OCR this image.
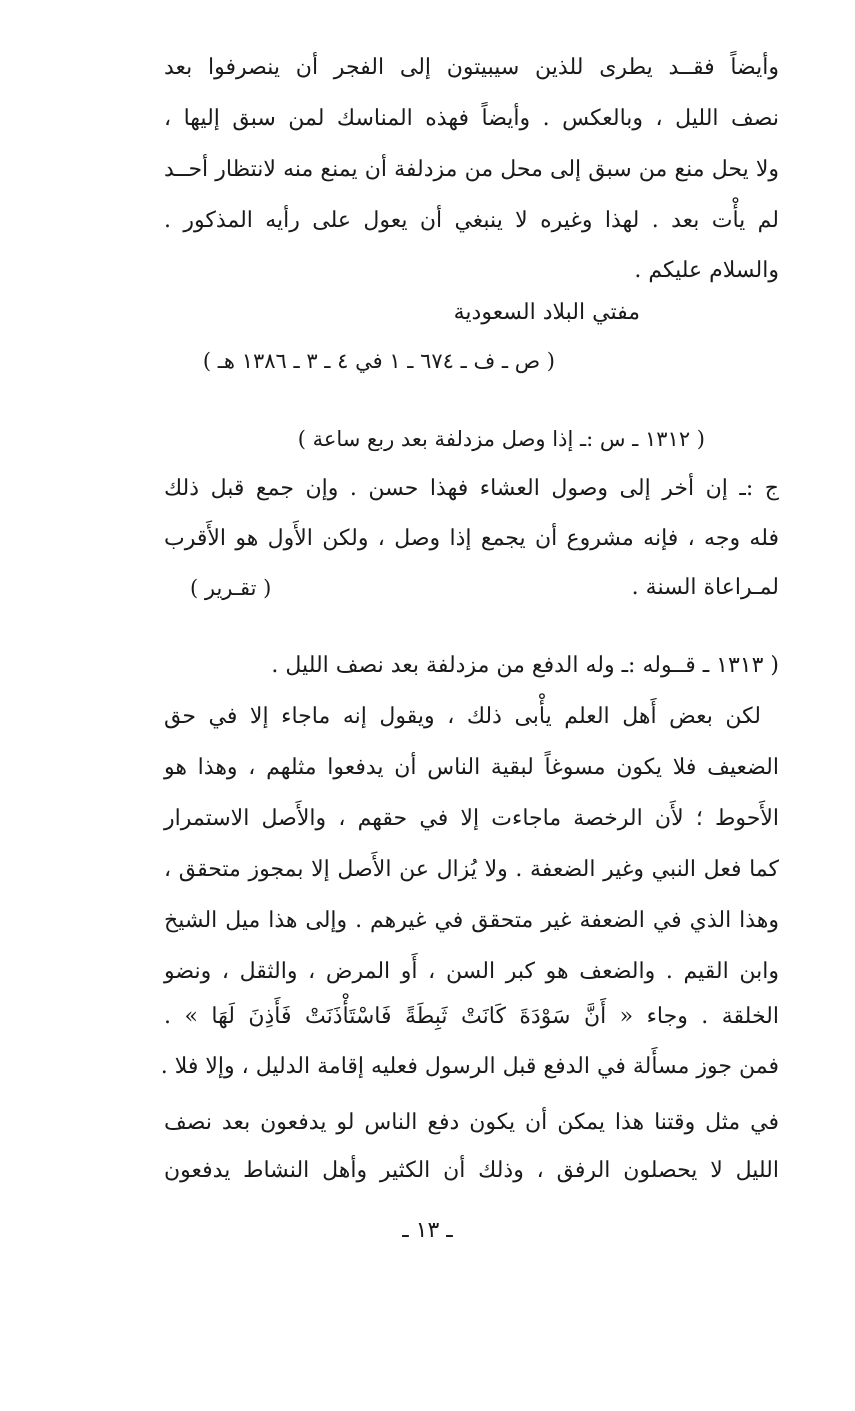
وأيضاً فقــد يطرى للذين سيبيتون إلى الفجر أن ينصرفوا بعد
نصف الليل ، وبالعكس . وأيضاً فهذه المناسك لمن سبق إليها ،
ولا يحل منع من سبق إلى محل من مزدلفة أن يمنع منه لانتظار أحــد
لم يأْت بعد . لهذا وغيره لا ينبغي أن يعول على رأيه المذكور .
والسلام عليكم .
مفتي البلاد السعودية
( ص ـ ف ـ ٦٧٤ ـ ١ في ٤ ـ ٣ ـ ١٣٨٦ هـ )
( ١٣١٢ ـ س :ـ إذا وصل مزدلفة بعد ربع ساعة )
ج :ـ إن أخر إلى وصول العشاء فهذا حسن . وإن جمع قبل ذلك
فله وجه ، فإنه مشروع أن يجمع إذا وصل ، ولكن الأَول هو الأَقرب
لمـراعاة السنة .
( تقـرير )
( ١٣١٣ ـ قــوله :ـ وله الدفع من مزدلفة بعد نصف الليل .
لكن بعض أَهل العلم يأْبى ذلك ، ويقول إنه ماجاء إلا في حق
الضعيف فلا يكون مسوغاً لبقية الناس أن يدفعوا مثلهم ، وهذا هو
الأَحوط ؛ لأَن الرخصة ماجاءت إلا في حقهم ، والأَصل الاستمرار
كما فعل النبي وغير الضعفة . ولا يُزال عن الأَصل إلا بمجوز متحقق ،
وهذا الذي في الضعفة غير متحقق في غيرهم . وإلى هذا ميل الشيخ
وابن القيم . والضعف هو كبر السن ، أَو المرض ، والثقل ، ونضو
الخلقة . وجاء « أَنَّ سَوْدَةَ كَانَتْ ثَبِطَةً فَاسْتَأْذَنَتْ فَأَذِنَ لَهَا » .
فمن جوز مسأَلة في الدفع قبل الرسول فعليه إقامة الدليل ، وإلا فلا .
في مثل وقتنا هذا يمكن أن يكون دفع الناس لو يدفعون بعد نصف
الليل لا يحصلون الرفق ، وذلك أن الكثير وأهل النشاط يدفعون
ـ ١٣ ـ
